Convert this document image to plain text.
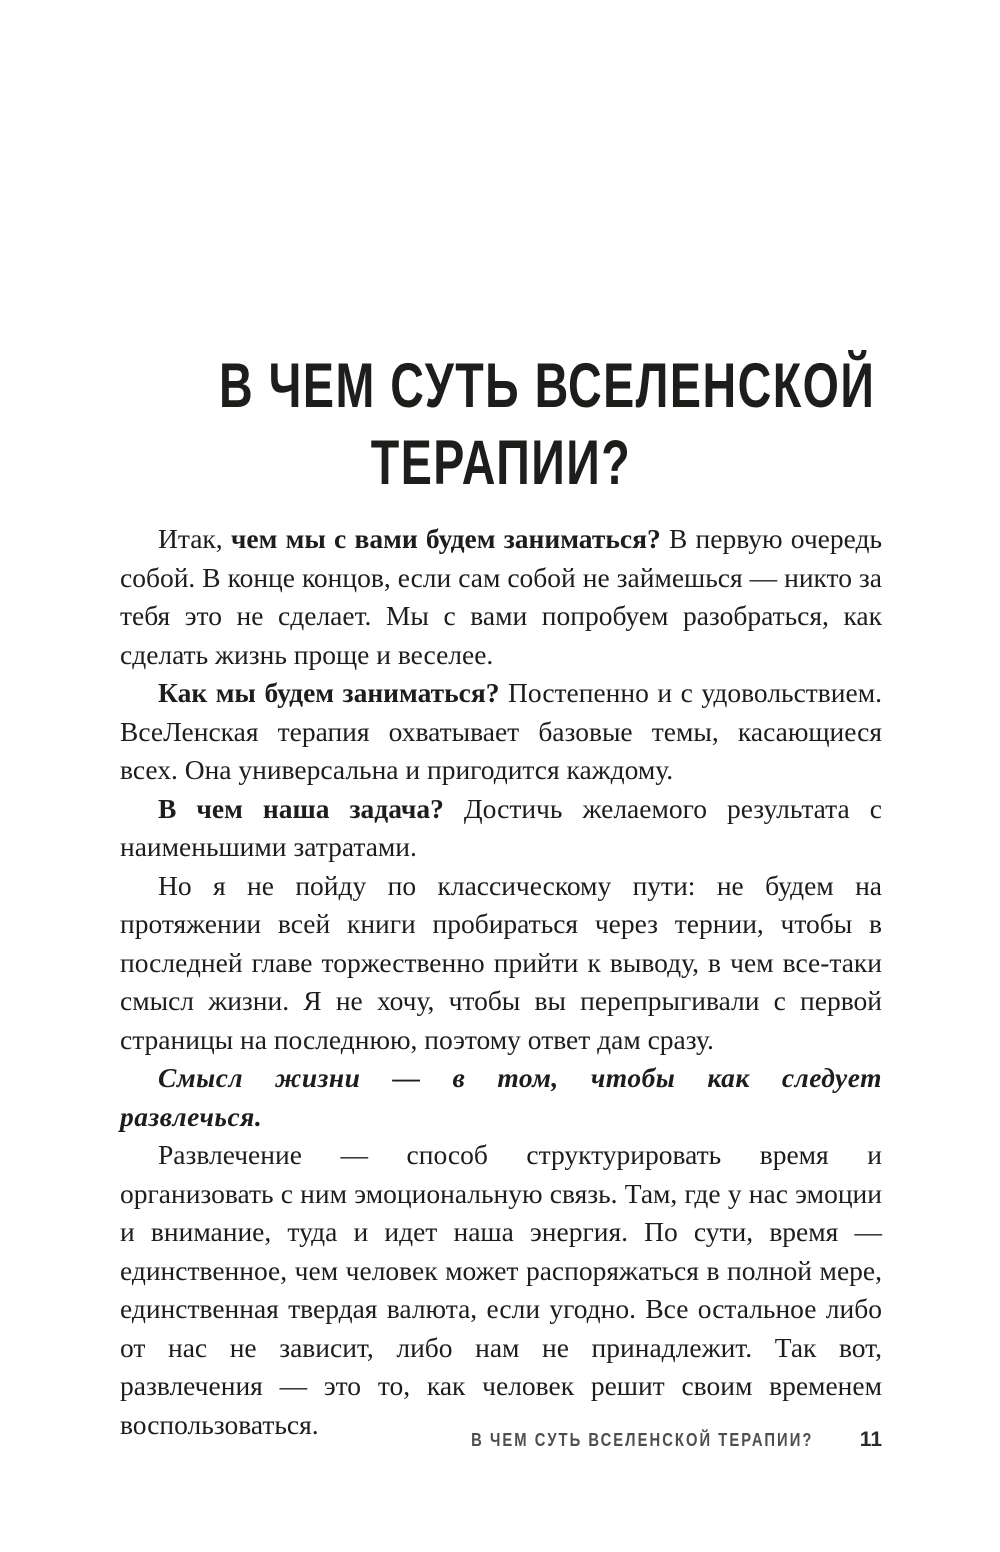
В ЧЕМ СУТЬ ВСЕЛЕНСКОЙ
ТЕРАПИИ?

Итак, чем мы с вами будем заниматься? В первую очередь собой. В конце концов, если сам собой не займешься — никто за тебя это не сделает. Мы с вами попробуем разобраться, как сделать жизнь проще и веселее.

Как мы будем заниматься? Постепенно и с удовольствием. ВсеЛенская терапия охватывает базовые темы, касающиеся всех. Она универсальна и пригодится каждому.

В чем наша задача? Достичь желаемого результата с наименьшими затратами.

Но я не пойду по классическому пути: не будем на протяжении всей книги пробираться через тернии, чтобы в последней главе торжественно прийти к выводу, в чем все-таки смысл жизни. Я не хочу, чтобы вы перепрыгивали с первой страницы на последнюю, поэтому ответ дам сразу.

Смысл жизни — в том, чтобы как следует развлечься.

Развлечение — способ структурировать время и организовать с ним эмоциональную связь. Там, где у нас эмоции и внимание, туда и идет наша энергия. По сути, время — единственное, чем человек может распоряжаться в полной мере, единственная твердая валюта, если угодно. Все остальное либо от нас не зависит, либо нам не принадлежит. Так вот, развлечения — это то, как человек решит своим временем воспользоваться.

В ЧЕМ СУТЬ ВСЕЛЕНСКОЙ ТЕРАПИИ? 11
